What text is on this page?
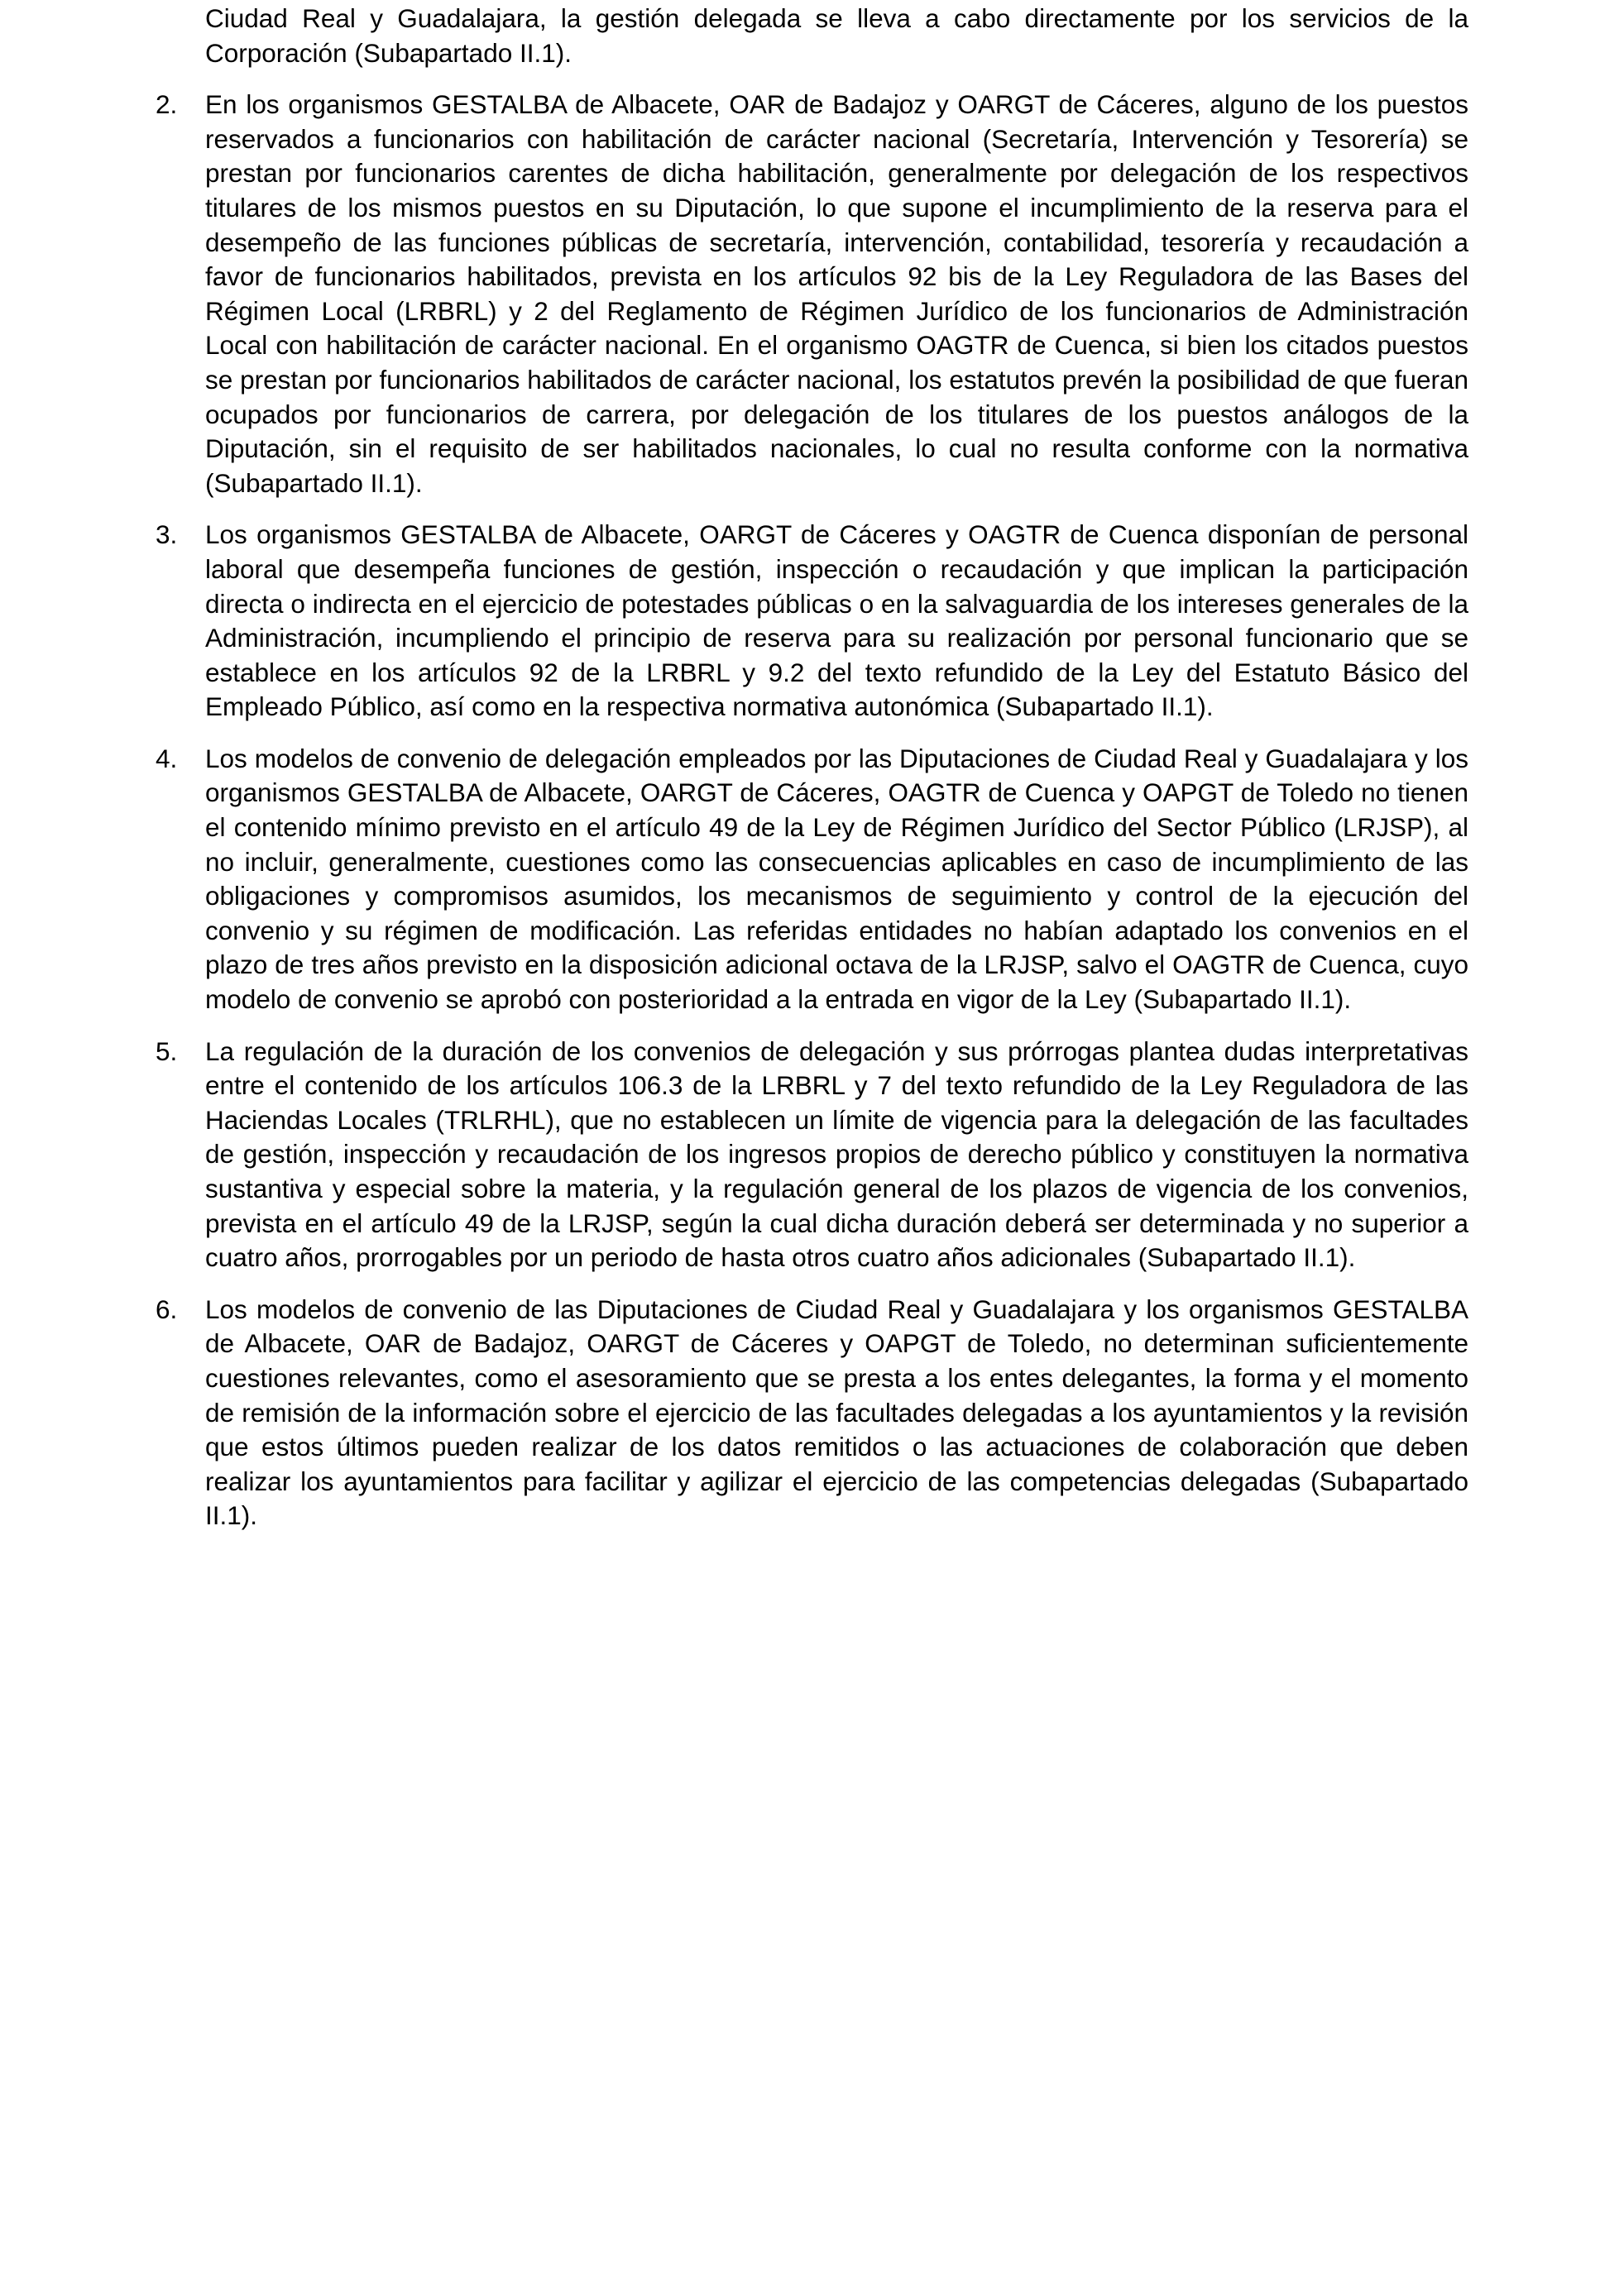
Ciudad Real y Guadalajara, la gestión delegada se lleva a cabo directamente por los servicios de la Corporación (Subapartado II.1).

2.	En los organismos GESTALBA de Albacete, OAR de Badajoz y OARGT de Cáceres, alguno de los puestos reservados a funcionarios con habilitación de carácter nacional (Secretaría, Intervención y Tesorería) se prestan por funcionarios carentes de dicha habilitación, generalmente por delegación de los respectivos titulares de los mismos puestos en su Diputación, lo que supone el incumplimiento de la reserva para el desempeño de las funciones públicas de secretaría, intervención, contabilidad, tesorería y recaudación a favor de funcionarios habilitados, prevista en los artículos 92 bis de la Ley Reguladora de las Bases del Régimen Local (LRBRL) y 2 del Reglamento de Régimen Jurídico de los funcionarios de Administración Local con habilitación de carácter nacional. En el organismo OAGTR de Cuenca, si bien los citados puestos se prestan por funcionarios habilitados de carácter nacional, los estatutos prevén la posibilidad de que fueran ocupados por funcionarios de carrera, por delegación de los titulares de los puestos análogos de la Diputación, sin el requisito de ser habilitados nacionales, lo cual no resulta conforme con la normativa (Subapartado II.1).
3.	Los organismos GESTALBA de Albacete, OARGT de Cáceres y OAGTR de Cuenca disponían de personal laboral que desempeña funciones de gestión, inspección o recaudación y que implican la participación directa o indirecta en el ejercicio de potestades públicas o en la salvaguardia de los intereses generales de la Administración, incumpliendo el principio de reserva para su realización por personal funcionario que se establece en los artículos 92 de la LRBRL y 9.2 del texto refundido de la Ley del Estatuto Básico del Empleado Público, así como en la respectiva normativa autonómica (Subapartado II.1).
4.	Los modelos de convenio de delegación empleados por las Diputaciones de Ciudad Real y Guadalajara y los organismos GESTALBA de Albacete, OARGT de Cáceres, OAGTR de Cuenca y OAPGT de Toledo no tienen el contenido mínimo previsto en el artículo 49 de la Ley de Régimen Jurídico del Sector Público (LRJSP), al no incluir, generalmente, cuestiones como las consecuencias aplicables en caso de incumplimiento de las obligaciones y compromisos asumidos, los mecanismos de seguimiento y control de la ejecución del convenio y su régimen de modificación. Las referidas entidades no habían adaptado los convenios en el plazo de tres años previsto en la disposición adicional octava de la LRJSP, salvo el OAGTR de Cuenca, cuyo modelo de convenio se aprobó con posterioridad a la entrada en vigor de la Ley (Subapartado II.1).
5.	La regulación de la duración de los convenios de delegación y sus prórrogas plantea dudas interpretativas entre el contenido de los artículos 106.3 de la LRBRL y 7 del texto refundido de la Ley Reguladora de las Haciendas Locales (TRLRHL), que no establecen un límite de vigencia para la delegación de las facultades de gestión, inspección y recaudación de los ingresos propios de derecho público y constituyen la normativa sustantiva y especial sobre la materia, y la regulación general de los plazos de vigencia de los convenios, prevista en el artículo 49 de la LRJSP, según la cual dicha duración deberá ser determinada y no superior a cuatro años, prorrogables por un periodo de hasta otros cuatro años adicionales (Subapartado II.1).
6.	Los modelos de convenio de las Diputaciones de Ciudad Real y Guadalajara y los organismos GESTALBA de Albacete, OAR de Badajoz, OARGT de Cáceres y OAPGT de Toledo, no determinan suficientemente cuestiones relevantes, como el asesoramiento que se presta a los entes delegantes, la forma y el momento de remisión de la información sobre el ejercicio de las facultades delegadas a los ayuntamientos y la revisión que estos últimos pueden realizar de los datos remitidos o las actuaciones de colaboración que deben realizar los ayuntamientos para facilitar y agilizar el ejercicio de las competencias delegadas (Subapartado II.1).
